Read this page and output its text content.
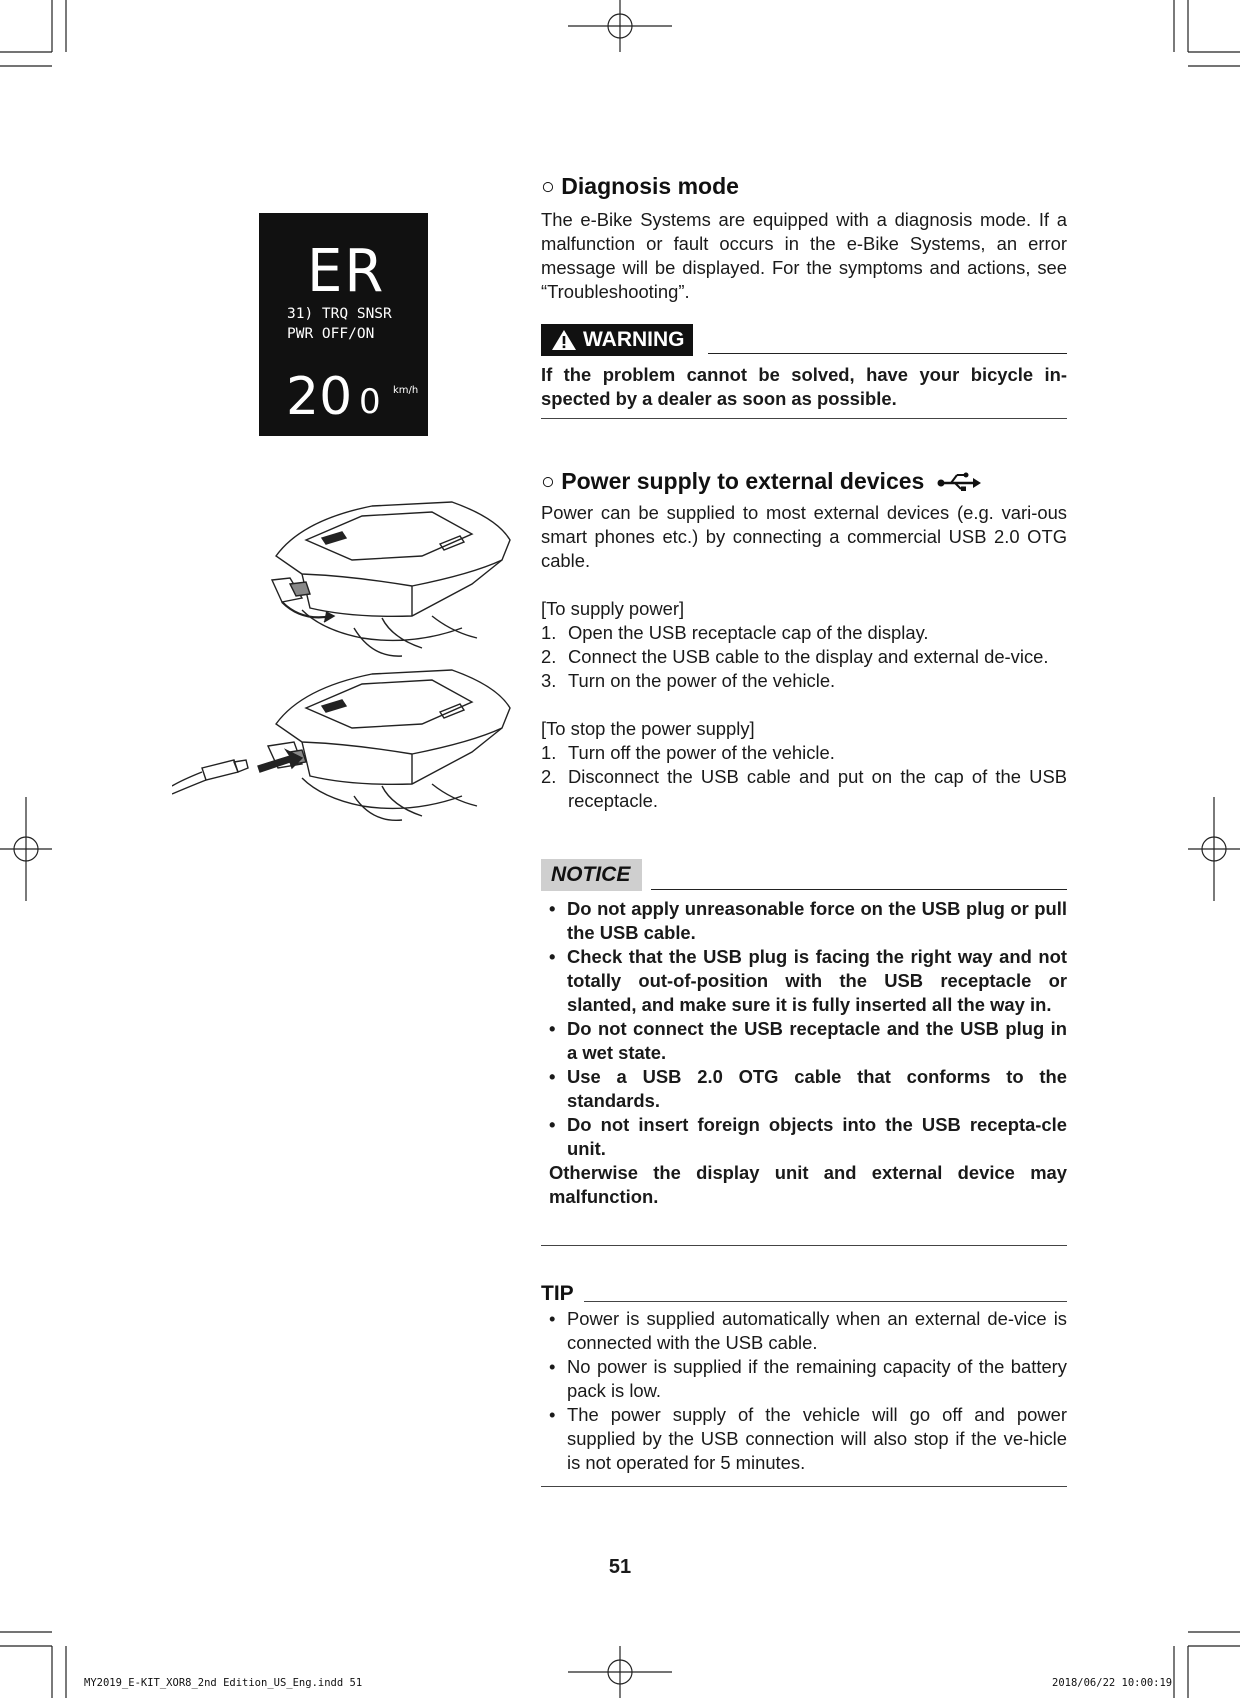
ER
31) TRQ SNSR
PWR OFF/ON
20 0 km/h
○ Diagnosis mode

The e-Bike Systems are equipped with a diagnosis mode. If a malfunction or fault occurs in the e-Bike Systems, an error message will be displayed. For the symptoms and actions, see “Troubleshooting”.

WARNING
If the problem cannot be solved, have your bicycle in-spected by a dealer as soon as possible.
○ Power supply to external devices

Power can be supplied to most external devices (e.g. vari-ous smart phones etc.) by connecting a commercial USB 2.0 OTG cable.

[To supply power]

1. Open the USB receptacle cap of the display.
2. Connect the USB cable to the display and external de-vice.
3. Turn on the power of the vehicle.

[To stop the power supply]

1. Turn off the power of the vehicle.
2. Disconnect the USB cable and put on the cap of the USB receptacle.
NOTICE
• Do not apply unreasonable force on the USB plug or pull the USB cable.
• Check that the USB plug is facing the right way and not totally out-of-position with the USB receptacle or slanted, and make sure it is fully inserted all the way in.
• Do not connect the USB receptacle and the USB plug in a wet state.
• Use a USB 2.0 OTG cable that conforms to the standards.
• Do not insert foreign objects into the USB recepta-cle unit.
Otherwise the display unit and external device may malfunction.
TIP
• Power is supplied automatically when an external de-vice is connected with the USB cable.
• No power is supplied if the remaining capacity of the battery pack is low.
• The power supply of the vehicle will go off and power supplied by the USB connection will also stop if the ve-hicle is not operated for 5 minutes.
51
MY2019_E-KIT_XOR8_2nd Edition_US_Eng.indd 51	2018/06/22 10:00:19
